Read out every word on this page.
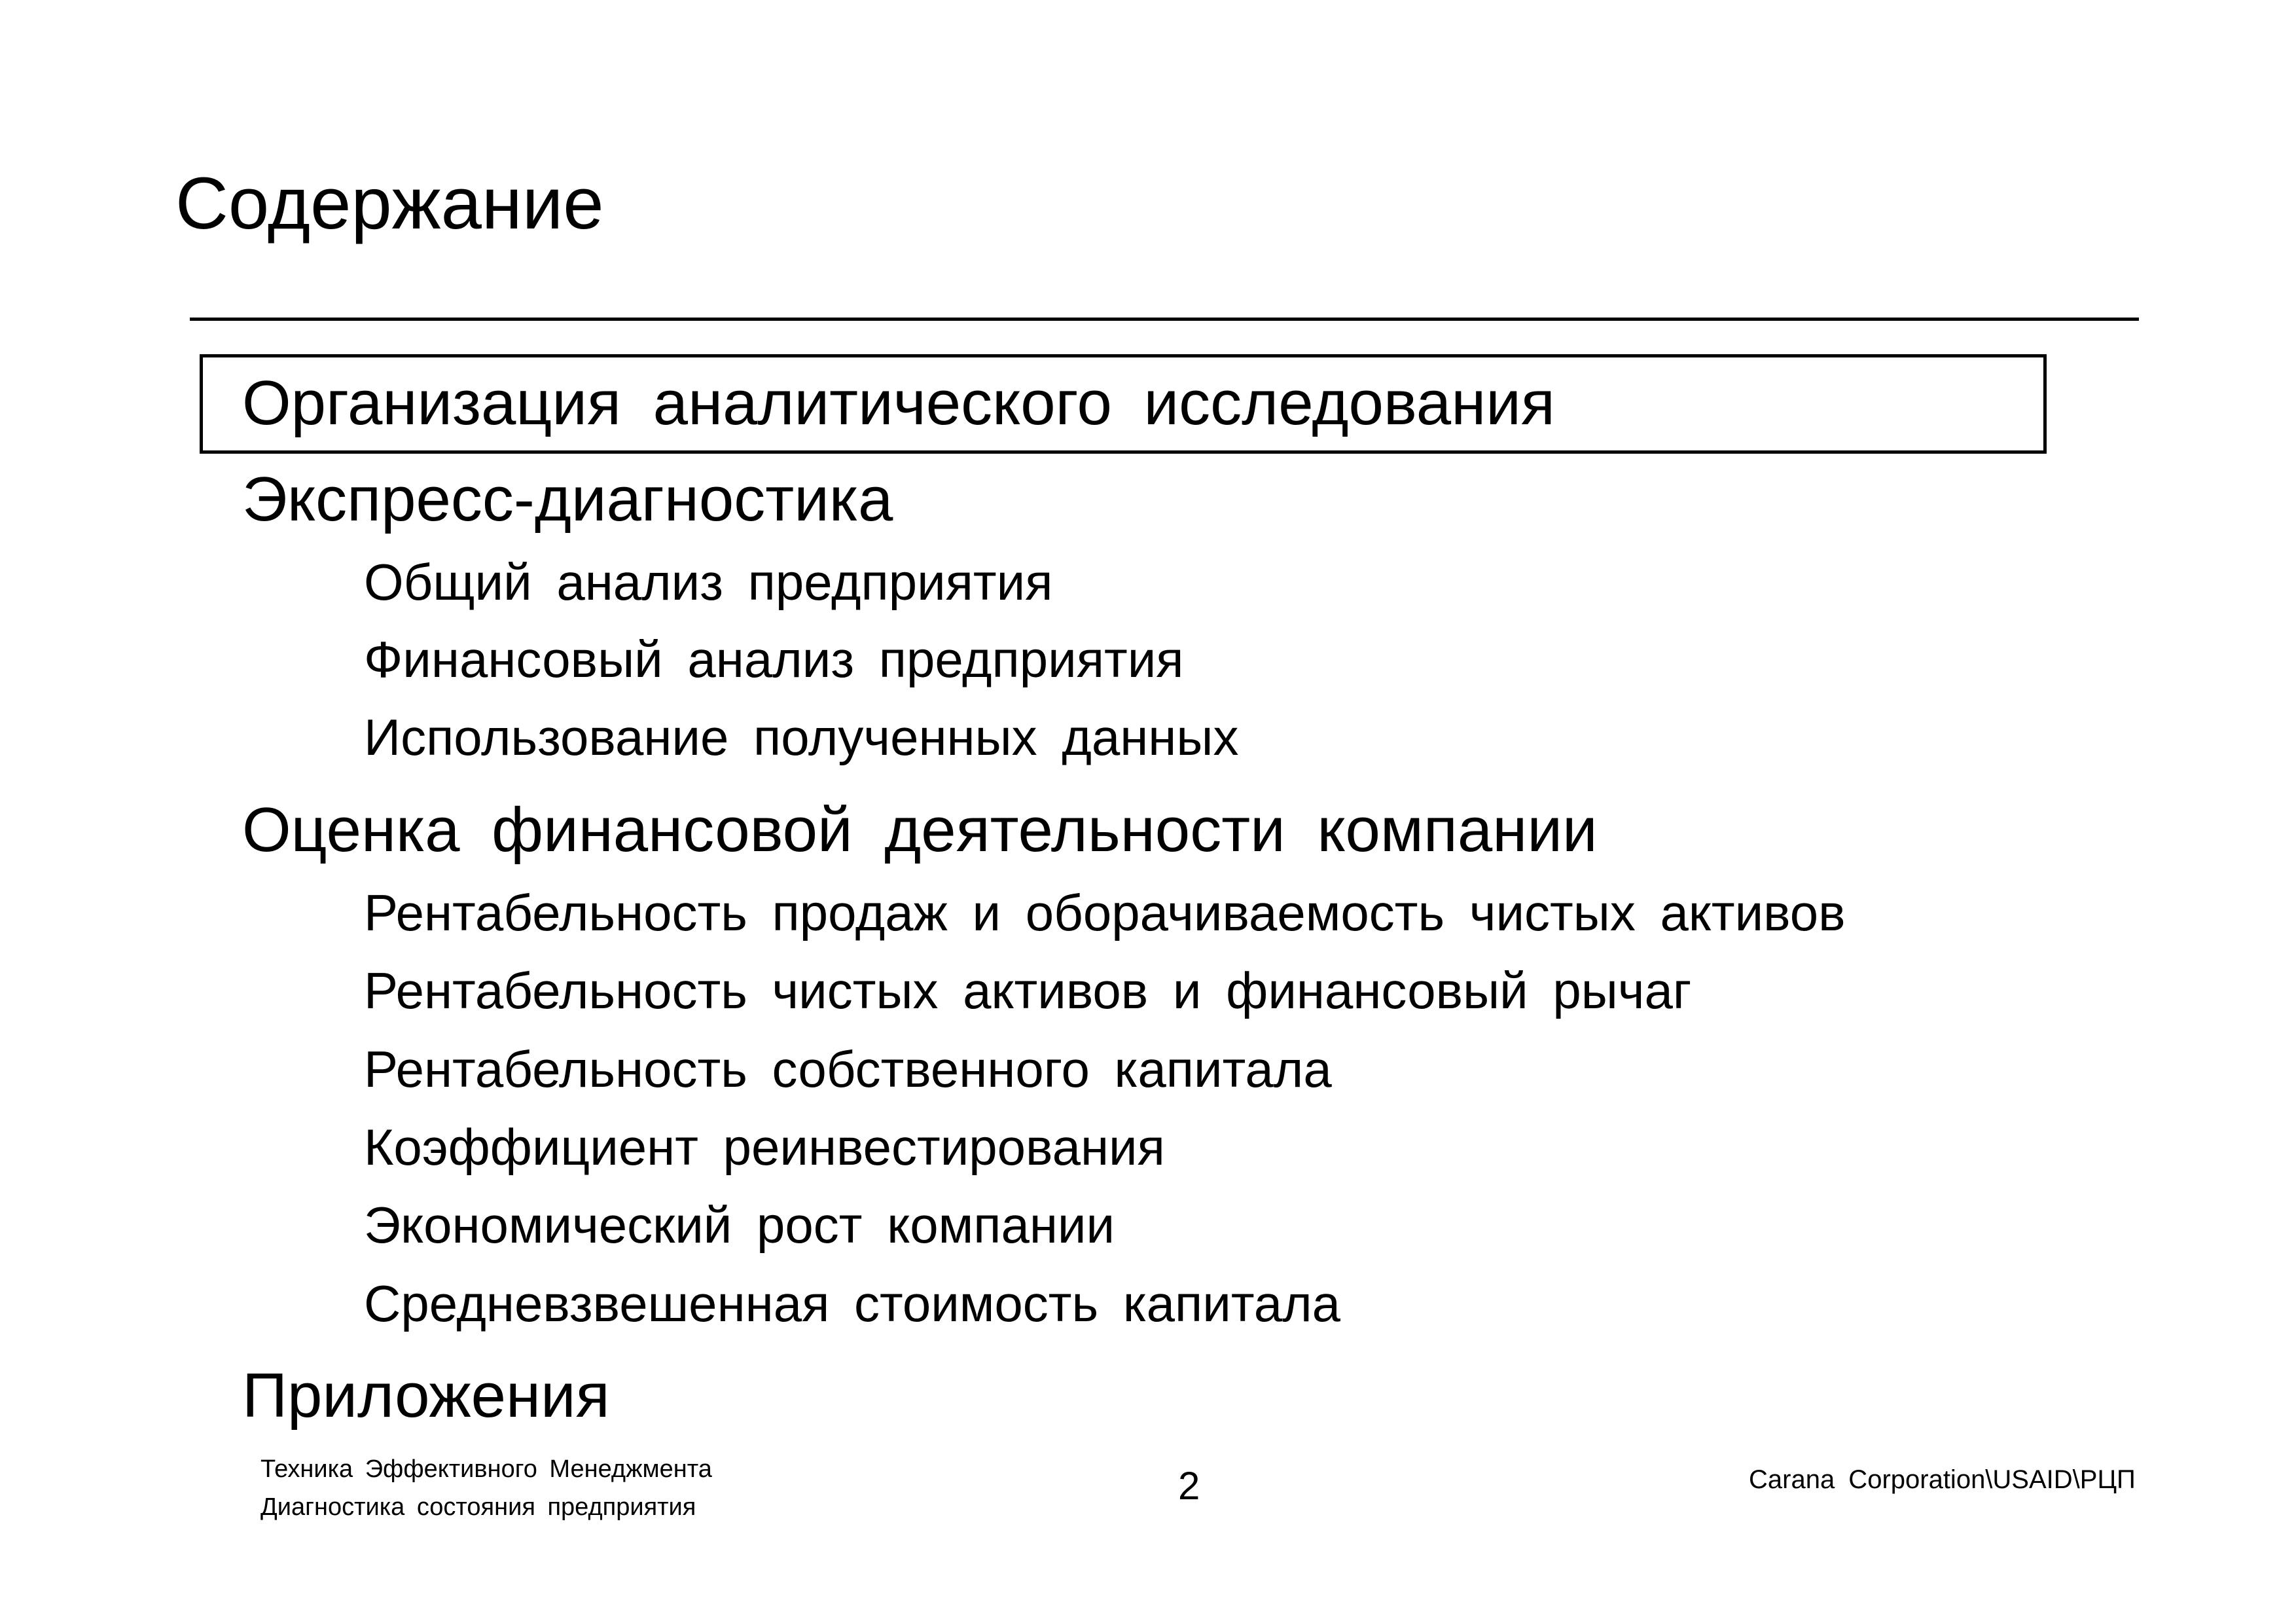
Содержание
Организация аналитического исследования
Экспресс-диагностика
Общий анализ предприятия
Финансовый анализ предприятия
Использование полученных данных
Оценка финансовой деятельности компании
Рентабельность продаж и оборачиваемость чистых активов
Рентабельность чистых активов и финансовый рычаг
Рентабельность собственного капитала
Коэффициент реинвестирования
Экономический рост компании
Средневзвешенная стоимость капитала
Приложения
Техника Эффективного Менеджмента
Диагностика состояния предприятия	2	Carana Corporation\USAID\РЦП
